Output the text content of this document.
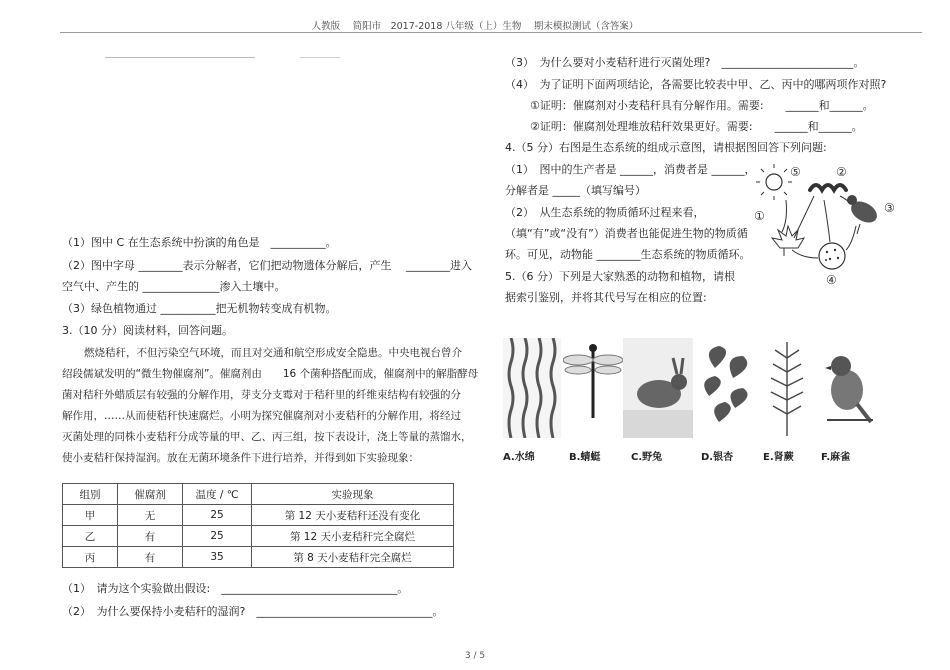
人教版　 简阳市　2017-2018 八年级（上）生物　 期末模拟测试（含答案）
（1）图中 C 在生态系统中扮演的角色是　__________。
（2）图中字母 ________表示分解者，它们把动物遗体分解后，产生　 ________进入
空气中、产生的 ______________渗入土壤中。
（3）绿色植物通过 __________把无机物转变成有机物。
3.（10 分）阅读材料，回答问题。
燃烧秸秆，不但污染空气环境，而且对交通和航空形成安全隐患。中央电视台曾介
绍段儒斌发明的“微生物催腐剂”。催腐剂由　　16 个菌种搭配而成，催腐剂中的解脂酵母
菌对秸秆外蜡质层有较强的分解作用，芽支分支霉对于秸秆里的纤维束结构有较强的分
解作用，……从而使秸秆快速腐烂。小明为探究催腐剂对小麦秸秆的分解作用，将经过
灭菌处理的同株小麦秸秆分成等量的甲、乙、丙三组，按下表设计，浇上等量的蒸馏水，
使小麦秸秆保持湿润。放在无菌环境条件下进行培养，并得到如下实验现象：
组别	催腐剂	温度 / ℃	实验现象
甲	无	25	第 12 天小麦秸秆还没有变化
乙	有	25	第 12 天小麦秸秆完全腐烂
丙	有	35	第 8 天小麦秸秆完全腐烂
（1）　请为这个实验做出假设:　________________________________。
（2）　为什么要保持小麦秸秆的湿润?　________________________________。
（3）　为什么要对小麦秸秆进行灭菌处理?　________________________。
（4）　为了证明下面两项结论，各需要比较表中甲、乙、丙中的哪两项作对照?
①证明：催腐剂对小麦秸秆具有分解作用。需要:　　______和______。
②证明：催腐剂处理堆放秸秆效果更好。需要:　　______和______。
4.（5 分）右图是生态系统的组成示意图，请根据图回答下列问题:
（1）　图中的生产者是 ______，消费者是 ______，
分解者是 _____（填写编号）
（2）　从生态系统的物质循环过程来看，
（填“有”或“没有”）消费者也能促进生物的物质循
环。可见，动物能 ________生态系统的物质循环。
5.（6 分）下列是大家熟悉的动物和植物，请根
据索引鉴别，并将其代号写在相应的位置:
⑤	②
③
①
④
A.水绵	B.蜻蜓	C.野兔	D.银杏	E.肾蕨	F.麻雀
3 / 5
